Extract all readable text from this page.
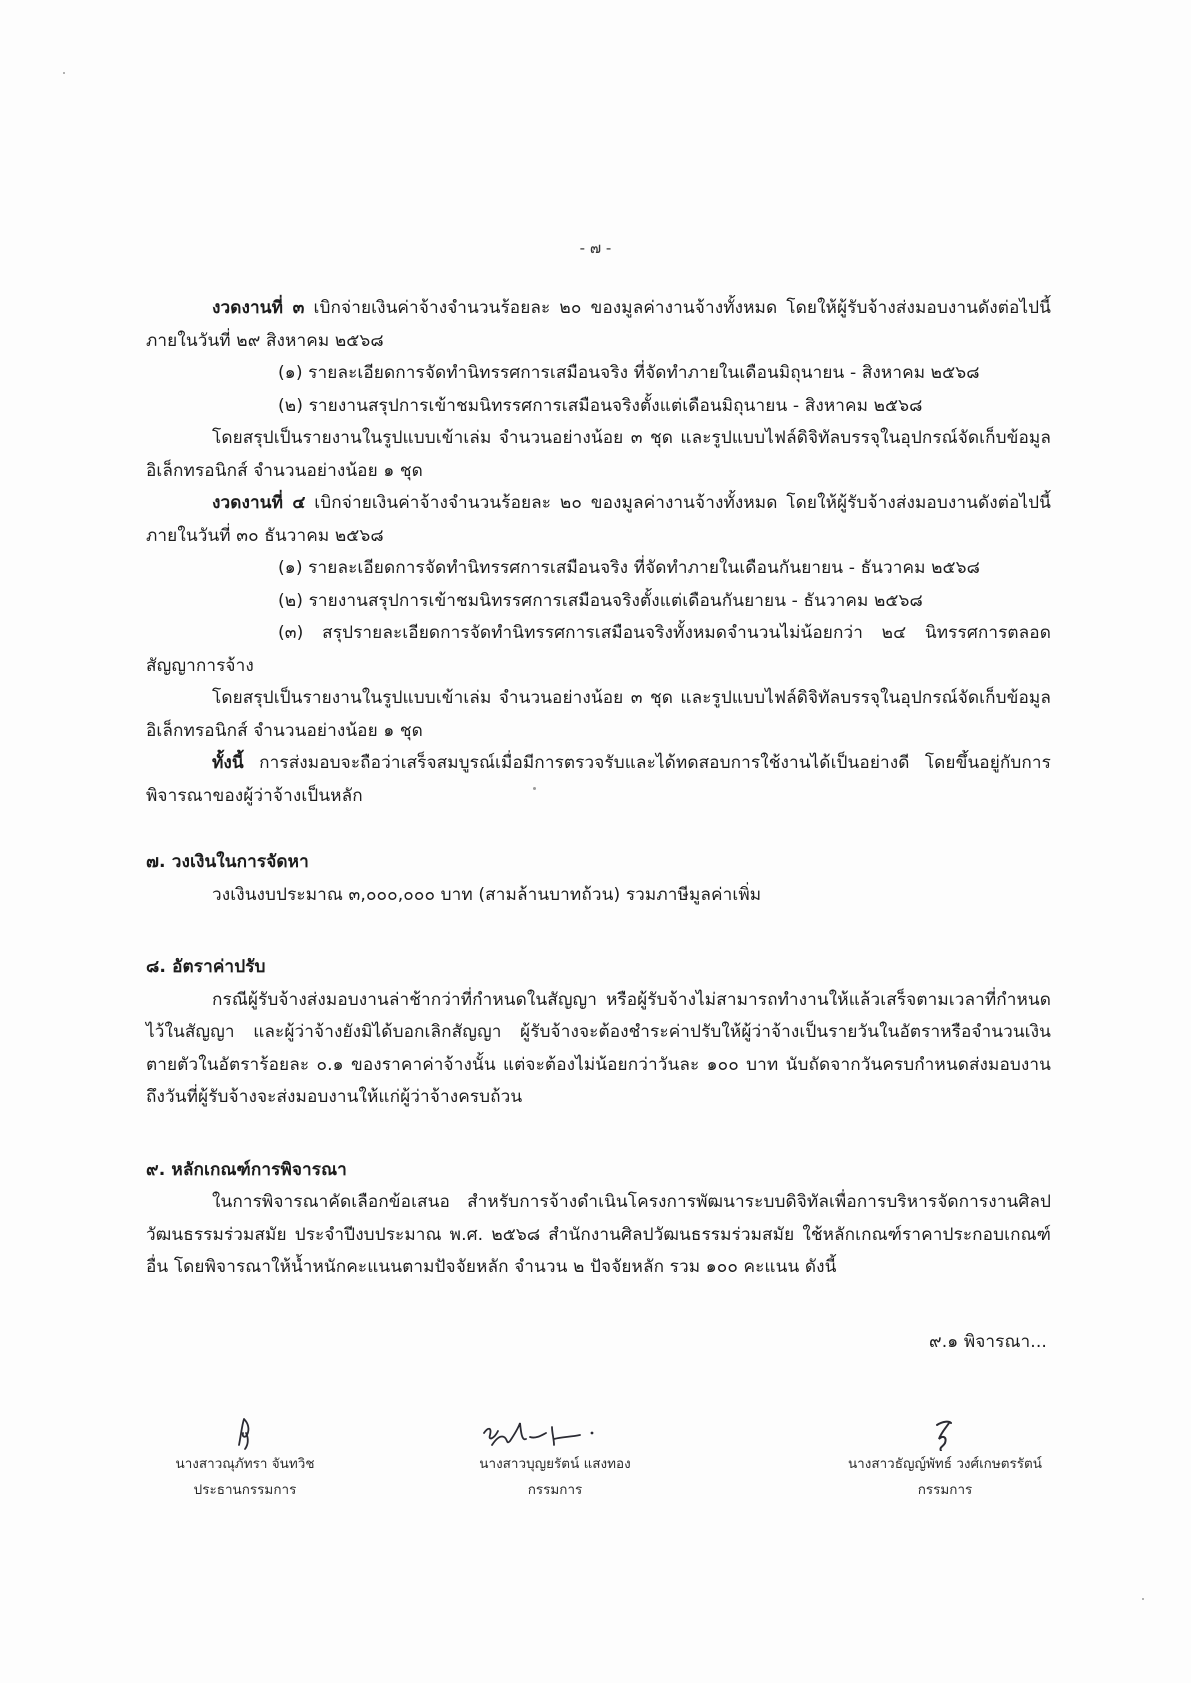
- ๗ -

งวดงานที่ ๓ เบิกจ่ายเงินค่าจ้างจำนวนร้อยละ ๒๐ ของมูลค่างานจ้างทั้งหมด โดยให้ผู้รับจ้างส่งมอบงานดังต่อไปนี้ภายในวันที่ ๒๙ สิงหาคม ๒๕๖๘

(๑) รายละเอียดการจัดทำนิทรรศการเสมือนจริง ที่จัดทำภายในเดือนมิถุนายน - สิงหาคม ๒๕๖๘

(๒) รายงานสรุปการเข้าชมนิทรรศการเสมือนจริงตั้งแต่เดือนมิถุนายน - สิงหาคม ๒๕๖๘

โดยสรุปเป็นรายงานในรูปแบบเข้าเล่ม จำนวนอย่างน้อย ๓ ชุด และรูปแบบไฟล์ดิจิทัลบรรจุในอุปกรณ์จัดเก็บข้อมูลอิเล็กทรอนิกส์ จำนวนอย่างน้อย ๑ ชุด

งวดงานที่ ๔ เบิกจ่ายเงินค่าจ้างจำนวนร้อยละ ๒๐ ของมูลค่างานจ้างทั้งหมด โดยให้ผู้รับจ้างส่งมอบงานดังต่อไปนี้ภายในวันที่ ๓๐ ธันวาคม ๒๕๖๘

(๑) รายละเอียดการจัดทำนิทรรศการเสมือนจริง ที่จัดทำภายในเดือนกันยายน - ธันวาคม ๒๕๖๘

(๒) รายงานสรุปการเข้าชมนิทรรศการเสมือนจริงตั้งแต่เดือนกันยายน - ธันวาคม ๒๕๖๘

(๓) สรุปรายละเอียดการจัดทำนิทรรศการเสมือนจริงทั้งหมดจำนวนไม่น้อยกว่า ๒๔ นิทรรศการตลอดสัญญาการจ้าง

โดยสรุปเป็นรายงานในรูปแบบเข้าเล่ม จำนวนอย่างน้อย ๓ ชุด และรูปแบบไฟล์ดิจิทัลบรรจุในอุปกรณ์จัดเก็บข้อมูลอิเล็กทรอนิกส์ จำนวนอย่างน้อย ๑ ชุด

ทั้งนี้ การส่งมอบจะถือว่าเสร็จสมบูรณ์เมื่อมีการตรวจรับและได้ทดสอบการใช้งานได้เป็นอย่างดี โดยขึ้นอยู่กับการพิจารณาของผู้ว่าจ้างเป็นหลัก

๗. วงเงินในการจัดหา

วงเงินงบประมาณ ๓,๐๐๐,๐๐๐ บาท (สามล้านบาทถ้วน) รวมภาษีมูลค่าเพิ่ม

๘. อัตราค่าปรับ

กรณีผู้รับจ้างส่งมอบงานล่าช้ากว่าที่กำหนดในสัญญา หรือผู้รับจ้างไม่สามารถทำงานให้แล้วเสร็จตามเวลาที่กำหนดไว้ในสัญญา และผู้ว่าจ้างยังมิได้บอกเลิกสัญญา ผู้รับจ้างจะต้องชำระค่าปรับให้ผู้ว่าจ้างเป็นรายวันในอัตราหรือจำนวนเงินตายตัวในอัตราร้อยละ ๐.๑ ของราคาค่าจ้างนั้น แต่จะต้องไม่น้อยกว่าวันละ ๑๐๐ บาท นับถัดจากวันครบกำหนดส่งมอบงาน ถึงวันที่ผู้รับจ้างจะส่งมอบงานให้แก่ผู้ว่าจ้างครบถ้วน

๙. หลักเกณฑ์การพิจารณา

ในการพิจารณาคัดเลือกข้อเสนอ สำหรับการจ้างดำเนินโครงการพัฒนาระบบดิจิทัลเพื่อการบริหารจัดการงานศิลปวัฒนธรรมร่วมสมัย ประจำปีงบประมาณ พ.ศ. ๒๕๖๘ สำนักงานศิลปวัฒนธรรมร่วมสมัย ใช้หลักเกณฑ์ราคาประกอบเกณฑ์อื่น โดยพิจารณาให้น้ำหนักคะแนนตามปัจจัยหลัก จำนวน ๒ ปัจจัยหลัก รวม ๑๐๐ คะแนน ดังนี้

๙.๑ พิจารณา...

นางสาวณุภัทรา จันทวิช
ประธานกรรมการ
นางสาวบุญยรัตน์ แสงทอง
กรรมการ
นางสาวธัญญ์พัทธ์ วงศ์เกษตรรัตน์
กรรมการ
